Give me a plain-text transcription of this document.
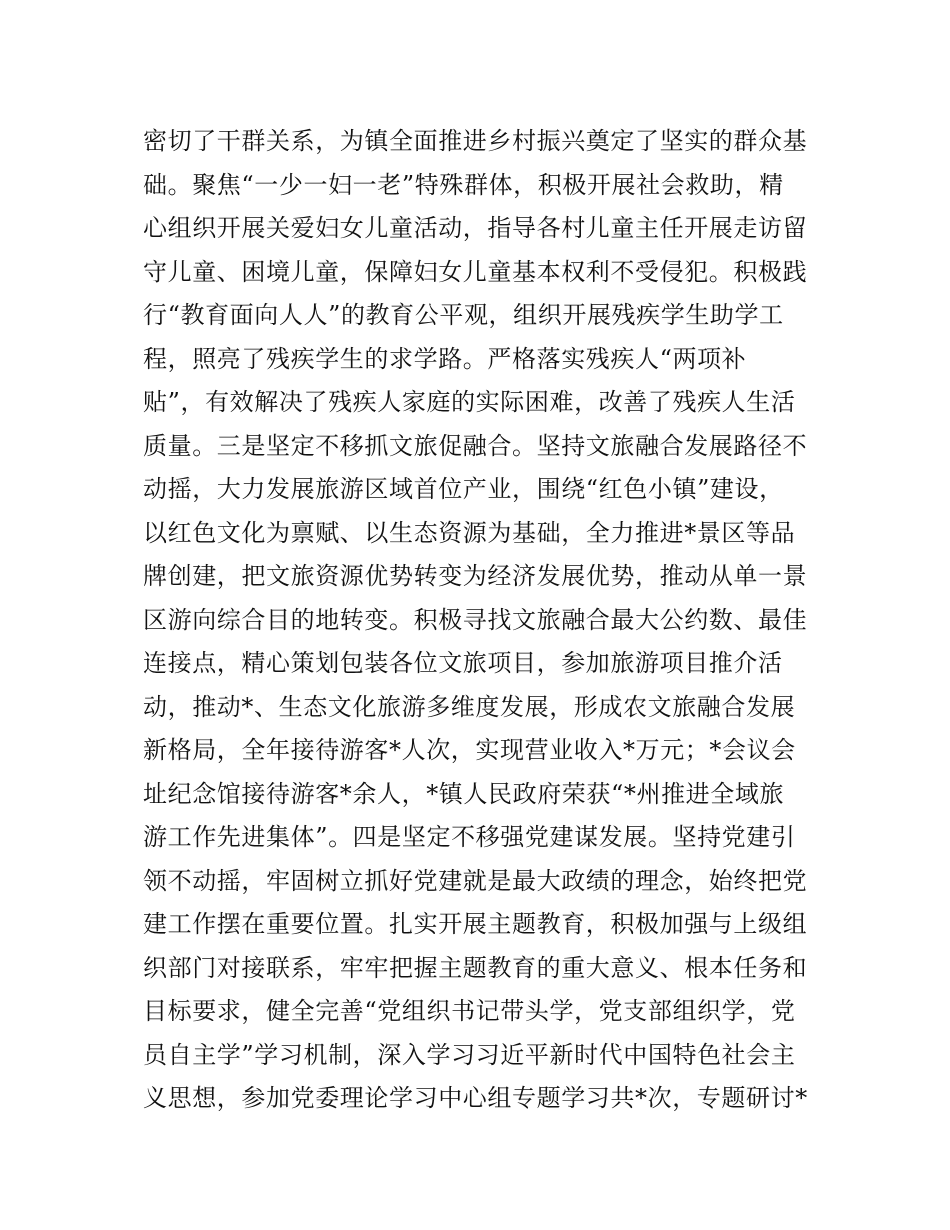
密切了干群关系，为镇全面推进乡村振兴奠定了坚实的群众基
础。聚焦“一少一妇一老”特殊群体，积极开展社会救助，精
心组织开展关爱妇女儿童活动，指导各村儿童主任开展走访留
守儿童、困境儿童，保障妇女儿童基本权利不受侵犯。积极践
行“教育面向人人”的教育公平观，组织开展残疾学生助学工
程，照亮了残疾学生的求学路。严格落实残疾人“两项补
贴”，有效解决了残疾人家庭的实际困难，改善了残疾人生活
质量。三是坚定不移抓文旅促融合。坚持文旅融合发展路径不
动摇，大力发展旅游区域首位产业，围绕“红色小镇”建设，
以红色文化为禀赋、以生态资源为基础，全力推进*景区等品
牌创建，把文旅资源优势转变为经济发展优势，推动从单一景
区游向综合目的地转变。积极寻找文旅融合最大公约数、最佳
连接点，精心策划包装各位文旅项目，参加旅游项目推介活
动，推动*、生态文化旅游多维度发展，形成农文旅融合发展
新格局，全年接待游客*人次，实现营业收入*万元；*会议会
址纪念馆接待游客*余人，*镇人民政府荣获“*州推进全域旅
游工作先进集体”。四是坚定不移强党建谋发展。坚持党建引
领不动摇，牢固树立抓好党建就是最大政绩的理念，始终把党
建工作摆在重要位置。扎实开展主题教育，积极加强与上级组
织部门对接联系，牢牢把握主题教育的重大意义、根本任务和
目标要求，健全完善“党组织书记带头学，党支部组织学，党
员自主学”学习机制，深入学习习近平新时代中国特色社会主
义思想，参加党委理论学习中心组专题学习共*次，专题研讨*
